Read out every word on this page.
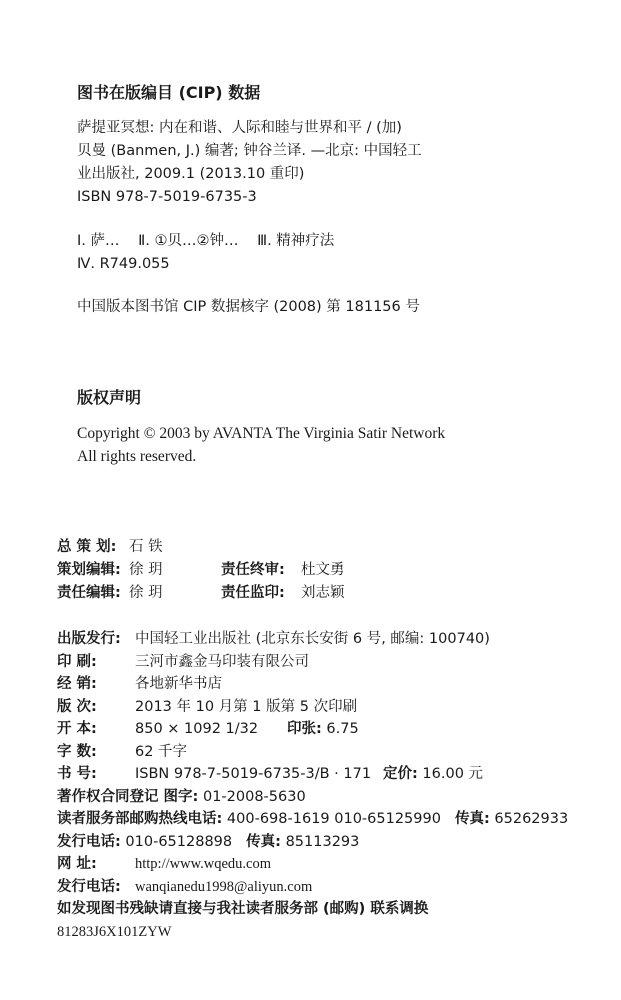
图书在版编目 (CIP) 数据
萨提亚冥想: 内在和谐、人际和睦与世界和平 / (加)
贝曼 (Banmen, J.) 编著; 钟谷兰译. —北京: 中国轻工
业出版社, 2009.1 (2013.10 重印)
ISBN 978-7-5019-6735-3
Ⅰ. 萨… Ⅱ. ①贝…②钟… Ⅲ. 精神疗法
Ⅳ. R749.055
中国版本图书馆 CIP 数据核字 (2008) 第 181156 号
版权声明
Copyright © 2003 by AVANTA The Virginia Satir Network
All rights reserved.
总 策 划: 石 铁
策划编辑: 徐 玥	责任终审: 杜文勇
责任编辑: 徐 玥	责任监印: 刘志颖
出版发行: 中国轻工业出版社 (北京东长安街 6 号, 邮编: 100740)
印 刷:	三河市鑫金马印装有限公司
经 销:	各地新华书店
版 次:	2013 年 10 月第 1 版第 5 次印刷
开 本:	850 × 1092 1/32 印张: 6.75
字 数:	62 千字
书 号:	ISBN 978-7-5019-6735-3/B · 171 定价: 16.00 元
著作权合同登记 图字: 01-2008-5630
读者服务部邮购热线电话: 400-698-1619 010-65125990 传真: 65262933
发行电话: 010-65128898 传真: 85113293
网 址:	http://www.wqedu.com
发行电话: wanqianedu1998@aliyun.com
如发现图书残缺请直接与我社读者服务部 (邮购) 联系调换
81283J6X101ZYW
